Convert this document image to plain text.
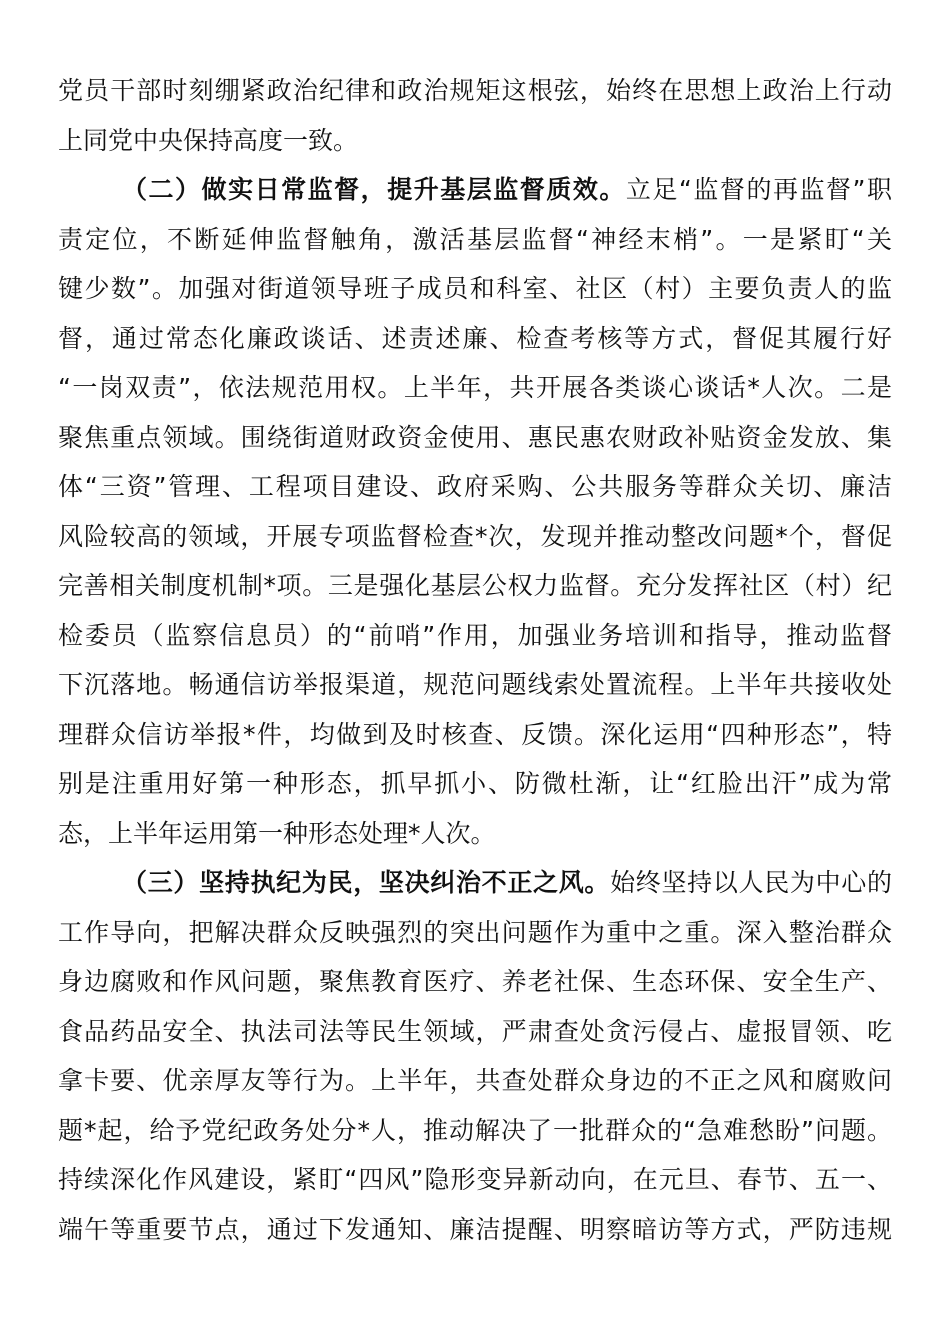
党员干部时刻绷紧政治纪律和政治规矩这根弦，始终在思想上政治上行动
上同党中央保持高度一致。
（二）做实日常监督，提升基层监督质效。立足“监督的再监督”职
责定位，不断延伸监督触角，激活基层监督“神经末梢”。一是紧盯“关
键少数”。加强对街道领导班子成员和科室、社区（村）主要负责人的监
督，通过常态化廉政谈话、述责述廉、检查考核等方式，督促其履行好
“一岗双责”，依法规范用权。上半年，共开展各类谈心谈话*人次。二是
聚焦重点领域。围绕街道财政资金使用、惠民惠农财政补贴资金发放、集
体“三资”管理、工程项目建设、政府采购、公共服务等群众关切、廉洁
风险较高的领域，开展专项监督检查*次，发现并推动整改问题*个，督促
完善相关制度机制*项。三是强化基层公权力监督。充分发挥社区（村）纪
检委员（监察信息员）的“前哨”作用，加强业务培训和指导，推动监督
下沉落地。畅通信访举报渠道，规范问题线索处置流程。上半年共接收处
理群众信访举报*件，均做到及时核查、反馈。深化运用“四种形态”，特
别是注重用好第一种形态，抓早抓小、防微杜渐，让“红脸出汗”成为常
态，上半年运用第一种形态处理*人次。
（三）坚持执纪为民，坚决纠治不正之风。始终坚持以人民为中心的
工作导向，把解决群众反映强烈的突出问题作为重中之重。深入整治群众
身边腐败和作风问题，聚焦教育医疗、养老社保、生态环保、安全生产、
食品药品安全、执法司法等民生领域，严肃查处贪污侵占、虚报冒领、吃
拿卡要、优亲厚友等行为。上半年，共查处群众身边的不正之风和腐败问
题*起，给予党纪政务处分*人，推动解决了一批群众的“急难愁盼”问题。
持续深化作风建设，紧盯“四风”隐形变异新动向，在元旦、春节、五一、
端午等重要节点，通过下发通知、廉洁提醒、明察暗访等方式，严防违规
